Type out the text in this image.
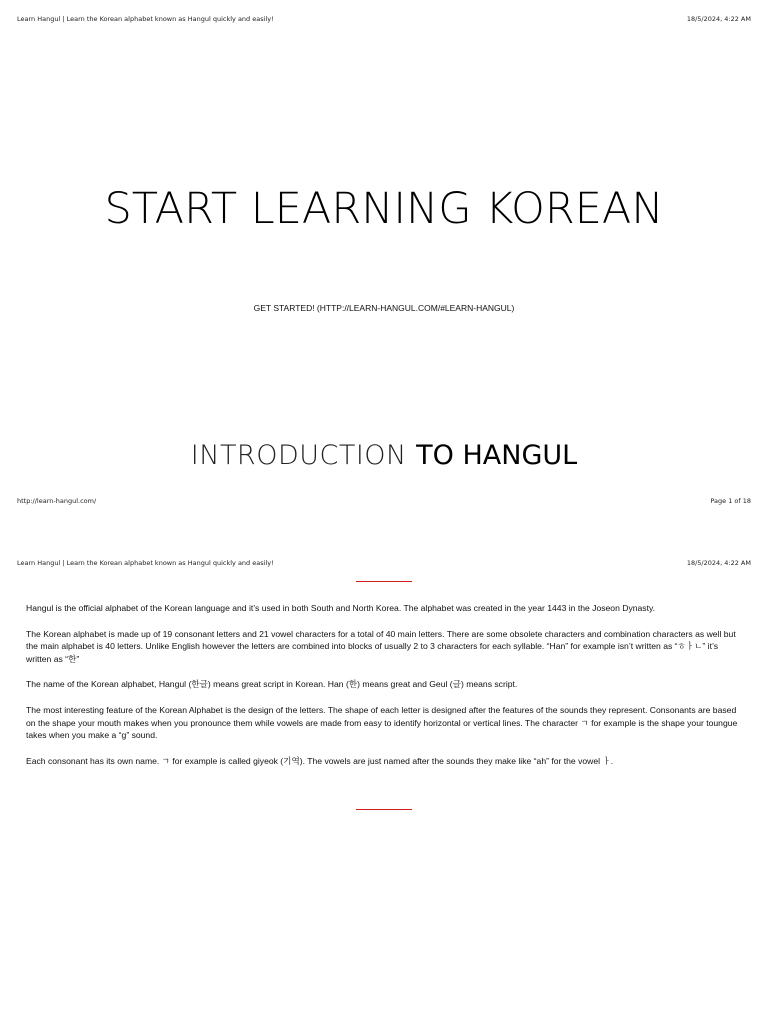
Learn Hangul | Learn the Korean alphabet known as Hangul quickly and easily!	18/5/2024, 4:22 AM
START LEARNING KOREAN
GET STARTED! (HTTP://LEARN-HANGUL.COM/#LEARN-HANGUL)
INTRODUCTION TO HANGUL
http://learn-hangul.com/	Page 1 of 18
Learn Hangul | Learn the Korean alphabet known as Hangul quickly and easily!	18/5/2024, 4:22 AM

Hangul is the official alphabet of the Korean language and it’s used in both South and North Korea. The alphabet was created in the year 1443 in the Joseon Dynasty.

The Korean alphabet is made up of 19 consonant letters and 21 vowel characters for a total of 40 main letters. There are some obsolete characters and combination characters as well but the main alphabet is 40 letters. Unlike English however the letters are combined into blocks of usually 2 to 3 characters for each syllable. “Han” for example isn’t written as “ㅎㅏㄴ” it’s written as “한”

The name of the Korean alphabet, Hangul (한글) means great script in Korean. Han (한) means great and Geul (글) means script.

The most interesting feature of the Korean Alphabet is the design of the letters. The shape of each letter is designed after the features of the sounds they represent. Consonants are based on the shape your mouth makes when you pronounce them while vowels are made from easy to identify horizontal or vertical lines. The character ㄱ for example is the shape your toungue takes when you make a “g” sound.

Each consonant has its own name. ㄱ for example is called giyeok (기역). The vowels are just named after the sounds they make like “ah” for the vowel ㅏ.
